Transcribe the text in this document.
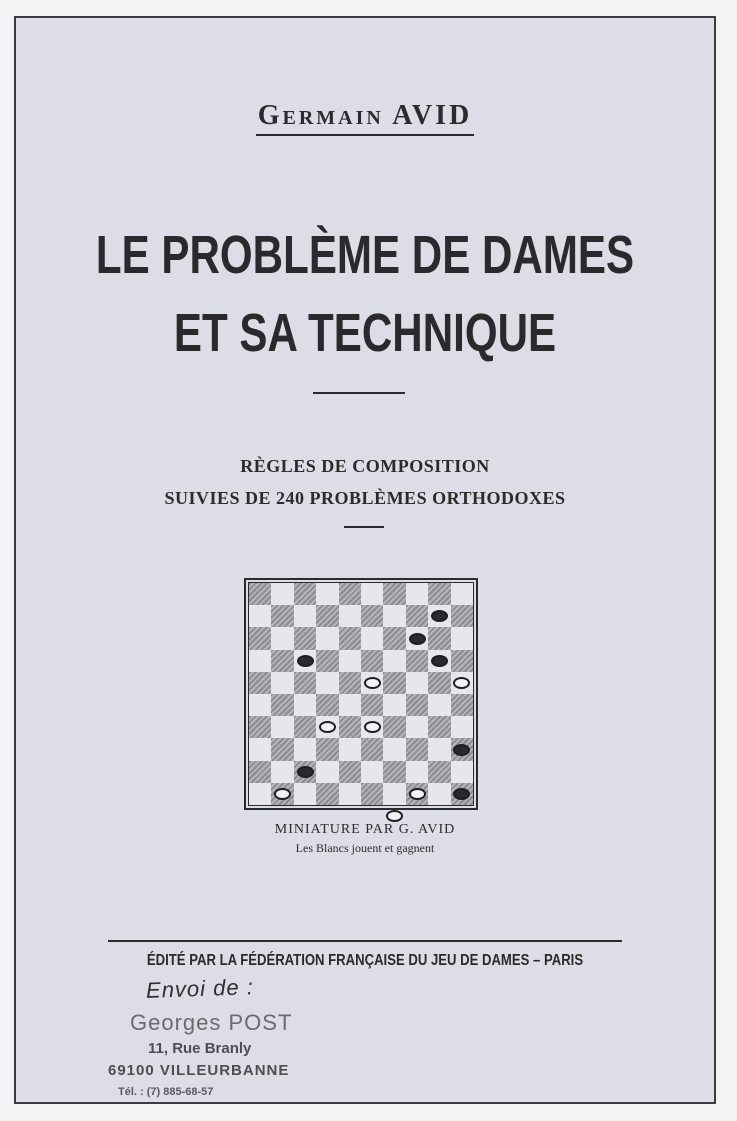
Germain AVID
LE PROBLÈME DE DAMES
ET SA TECHNIQUE
RÈGLES DE COMPOSITION
SUIVIES DE 240 PROBLÈMES ORTHODOXES
MINIATURE PAR G. AVID
Les Blancs jouent et gagnent
ÉDITÉ PAR LA FÉDÉRATION FRANÇAISE DU JEU DE DAMES – PARIS
Envoi de :
Georges POST
11, Rue Branly
69100 VILLEURBANNE
Tél. : (7) 885-68-57
